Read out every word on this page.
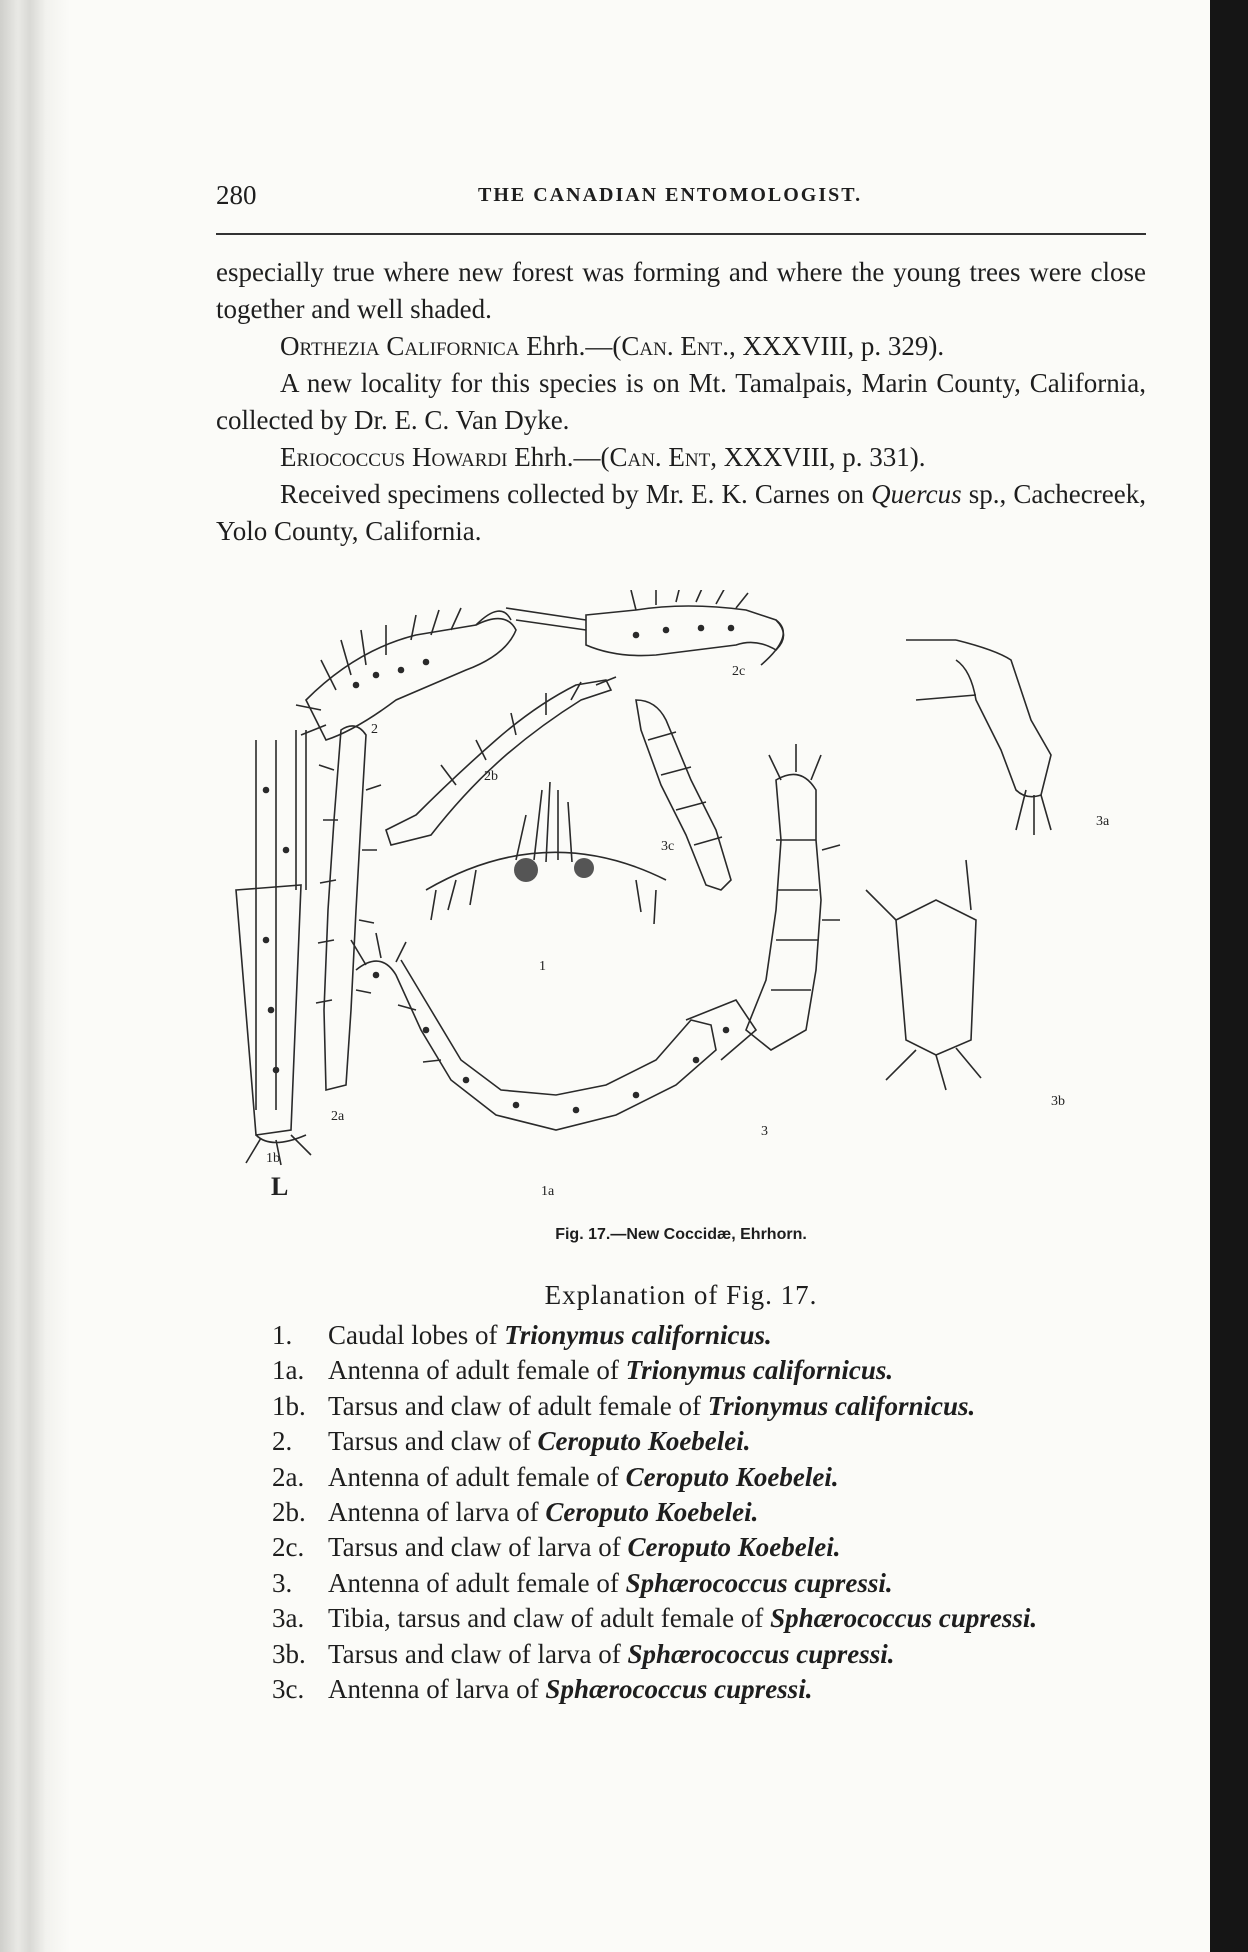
280	THE CANADIAN ENTOMOLOGIST.

especially true where new forest was forming and where the young trees were close together and well shaded.

Orthezia Californica Ehrh.—(Can. Ent., XXXVIII, p. 329).

A new locality for this species is on Mt. Tamalpais, Marin County, California, collected by Dr. E. C. Van Dyke.

Eriococcus Howardi Ehrh.—(Can. Ent, XXXVIII, p. 331).

Received specimens collected by Mr. E. K. Carnes on Quercus sp., Cachecreek, Yolo County, California.

2
2c
3a
2b
3c
1
1a
2a
1b
L
3
3b
Fig. 17.—New Coccidæ, Ehrhorn.
Explanation of Fig. 17.
1. Caudal lobes of Trionymus californicus.
1a. Antenna of adult female of Trionymus californicus.
1b. Tarsus and claw of adult female of Trionymus californicus.
2. Tarsus and claw of Ceroputo Koebelei.
2a. Antenna of adult female of Ceroputo Koebelei.
2b. Antenna of larva of Ceroputo Koebelei.
2c. Tarsus and claw of larva of Ceroputo Koebelei.
3. Antenna of adult female of Sphærococcus cupressi.
3a. Tibia, tarsus and claw of adult female of Sphærococcus cupressi.
3b. Tarsus and claw of larva of Sphærococcus cupressi.
3c. Antenna of larva of Sphærococcus cupressi.
